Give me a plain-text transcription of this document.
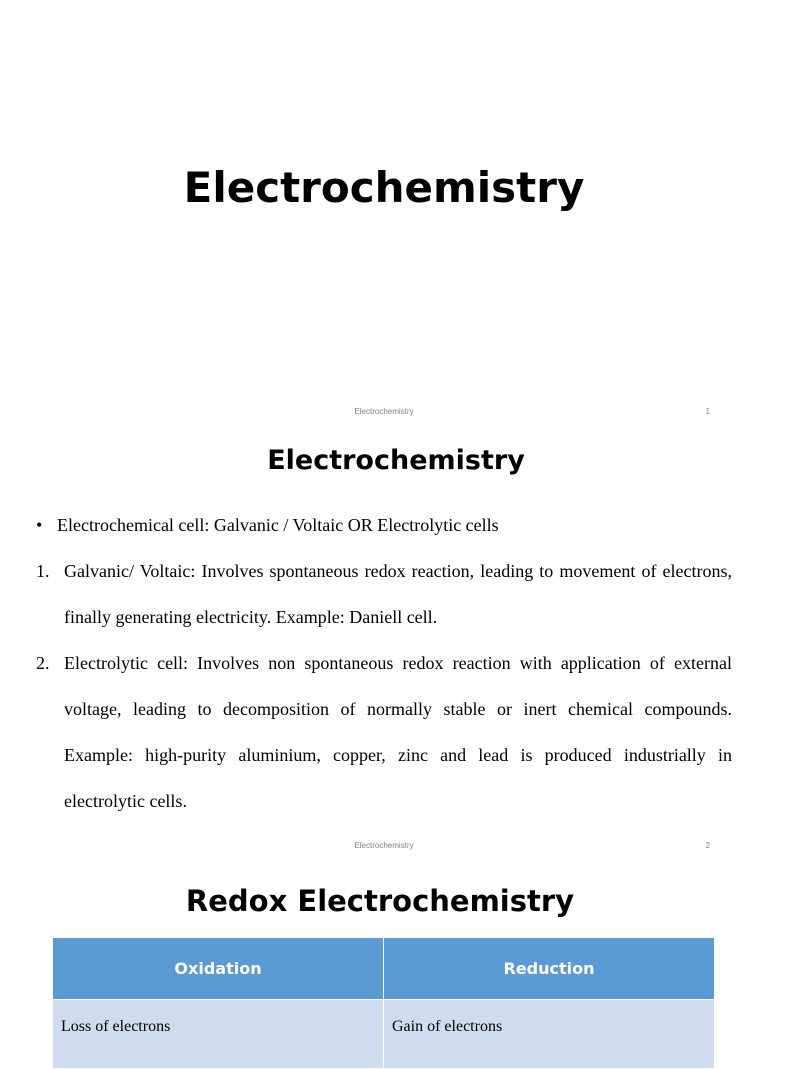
Electrochemistry
Electrochemistry	1
Electrochemistry
• Electrochemical cell: Galvanic / Voltaic OR Electrolytic cells
1. Galvanic/ Voltaic: Involves spontaneous redox reaction, leading to movement of electrons, finally generating electricity. Example: Daniell cell.
2. Electrolytic cell: Involves non spontaneous redox reaction with application of external voltage, leading to decomposition of normally stable or inert chemical compounds. Example: high-purity aluminium, copper, zinc and lead is produced industrially in electrolytic cells.
Electrochemistry	2
Redox Electrochemistry
Oxidation	Reduction
Loss of electrons	Gain of electrons
